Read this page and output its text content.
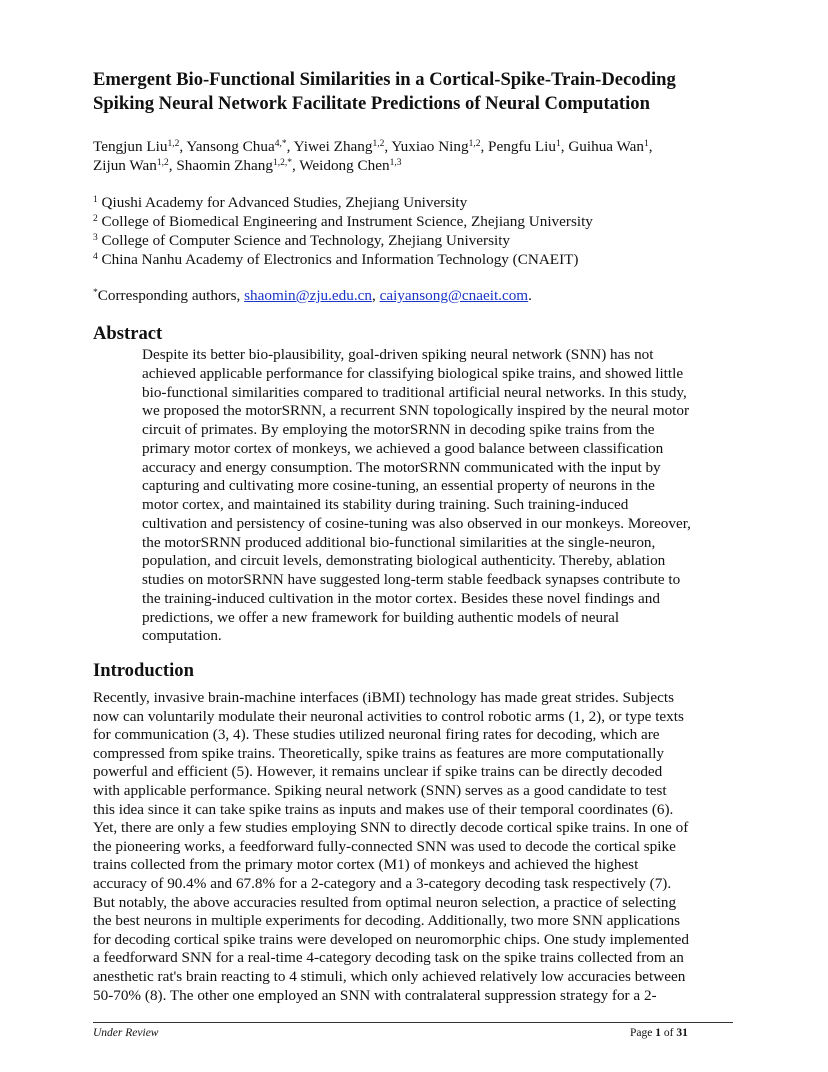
Emergent Bio-Functional Similarities in a Cortical-Spike-Train-Decoding
Spiking Neural Network Facilitate Predictions of Neural Computation
Tengjun Liu$^{1,2}$, Yansong Chua$^{4,*}$, Yiwei Zhang$^{1,2}$, Yuxiao Ning$^{1,2}$, Pengfu Liu$^1$, Guihua Wan$^1$,
Zijun Wan$^{1,2}$, Shaomin Zhang$^{1,2,*}$, Weidong Chen$^{1,3}$
$^1$ Qiushi Academy for Advanced Studies, Zhejiang University
$^2$ College of Biomedical Engineering and Instrument Science, Zhejiang University
$^3$ College of Computer Science and Technology, Zhejiang University
$^4$ China Nanhu Academy of Electronics and Information Technology (CNAEIT)
*Corresponding authors, shaomin@zju.edu.cn, caiyansong@cnaeit.com.
Abstract
Despite its better bio-plausibility, goal-driven spiking neural network (SNN) has not
achieved applicable performance for classifying biological spike trains, and showed little
bio-functional similarities compared to traditional artificial neural networks. In this study,
we proposed the motorSRNN, a recurrent SNN topologically inspired by the neural motor
circuit of primates. By employing the motorSRNN in decoding spike trains from the
primary motor cortex of monkeys, we achieved a good balance between classification
accuracy and energy consumption. The motorSRNN communicated with the input by
capturing and cultivating more cosine-tuning, an essential property of neurons in the
motor cortex, and maintained its stability during training. Such training-induced
cultivation and persistency of cosine-tuning was also observed in our monkeys. Moreover,
the motorSRNN produced additional bio-functional similarities at the single-neuron,
population, and circuit levels, demonstrating biological authenticity. Thereby, ablation
studies on motorSRNN have suggested long-term stable feedback synapses contribute to
the training-induced cultivation in the motor cortex. Besides these novel findings and
predictions, we offer a new framework for building authentic models of neural
computation.
Introduction
Recently, invasive brain-machine interfaces (iBMI) technology has made great strides. Subjects
now can voluntarily modulate their neuronal activities to control robotic arms (1, 2), or type texts
for communication (3, 4). These studies utilized neuronal firing rates for decoding, which are
compressed from spike trains. Theoretically, spike trains as features are more computationally
powerful and efficient (5). However, it remains unclear if spike trains can be directly decoded
with applicable performance. Spiking neural network (SNN) serves as a good candidate to test
this idea since it can take spike trains as inputs and makes use of their temporal coordinates (6).
Yet, there are only a few studies employing SNN to directly decode cortical spike trains. In one of
the pioneering works, a feedforward fully-connected SNN was used to decode the cortical spike
trains collected from the primary motor cortex (M1) of monkeys and achieved the highest
accuracy of 90.4% and 67.8% for a 2-category and a 3-category decoding task respectively (7).
But notably, the above accuracies resulted from optimal neuron selection, a practice of selecting
the best neurons in multiple experiments for decoding. Additionally, two more SNN applications
for decoding cortical spike trains were developed on neuromorphic chips. One study implemented
a feedforward SNN for a real-time 4-category decoding task on the spike trains collected from an
anesthetic rat's brain reacting to 4 stimuli, which only achieved relatively low accuracies between
50-70% (8). The other one employed an SNN with contralateral suppression strategy for a 2-
Under Review	Page 1 of 31
